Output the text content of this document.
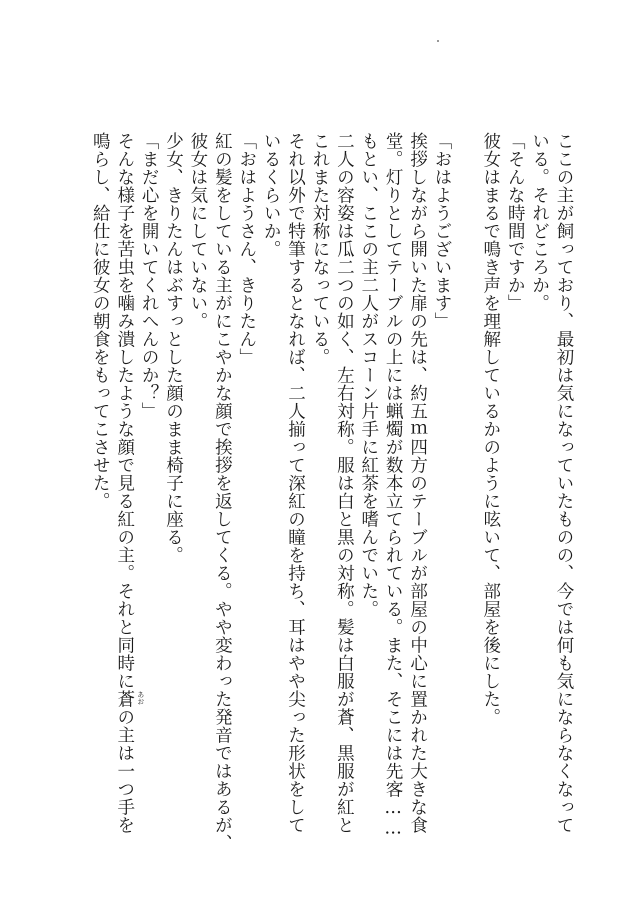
ここの主が飼っており、最初は気になっていたものの、今では何も気にならなくなって
いる。それどころか。
「そんな時間ですか」
彼女はまるで鳴き声を理解しているかのように呟いて、部屋を後にした。

「おはようございます」
挨拶しながら開いた扉の先は、約五ｍ四方のテーブルが部屋の中心に置かれた大きな食
堂。灯りとしてテーブルの上には蝋燭が数本立てられている。また、そこには先客……
もとい、ここの主二人がスコーン片手に紅茶を嗜んでいた。
二人の容姿は瓜二つの如く、左右対称。服は白と黒の対称。髪は白服が蒼、黒服が紅と
これまた対称になっている。
それ以外で特筆するとなれば、二人揃って深紅の瞳を持ち、耳はやや尖った形状をして
いるくらいか。
「おはようさん、きりたん」
紅の髪をしている主がにこやかな顔で挨拶を返してくる。やや変わった発音ではあるが、
彼女は気にしていない。
少女、きりたんはぶすっとした顔のまま椅子に座る。
「まだ心を開いてくれへんのか？」
そんな様子を苦虫を噛み潰したような顔で見る紅の主。それと同時に蒼 あお
の主は一つ手を
鳴らし、給仕に彼女の朝食をもってこさせた。
